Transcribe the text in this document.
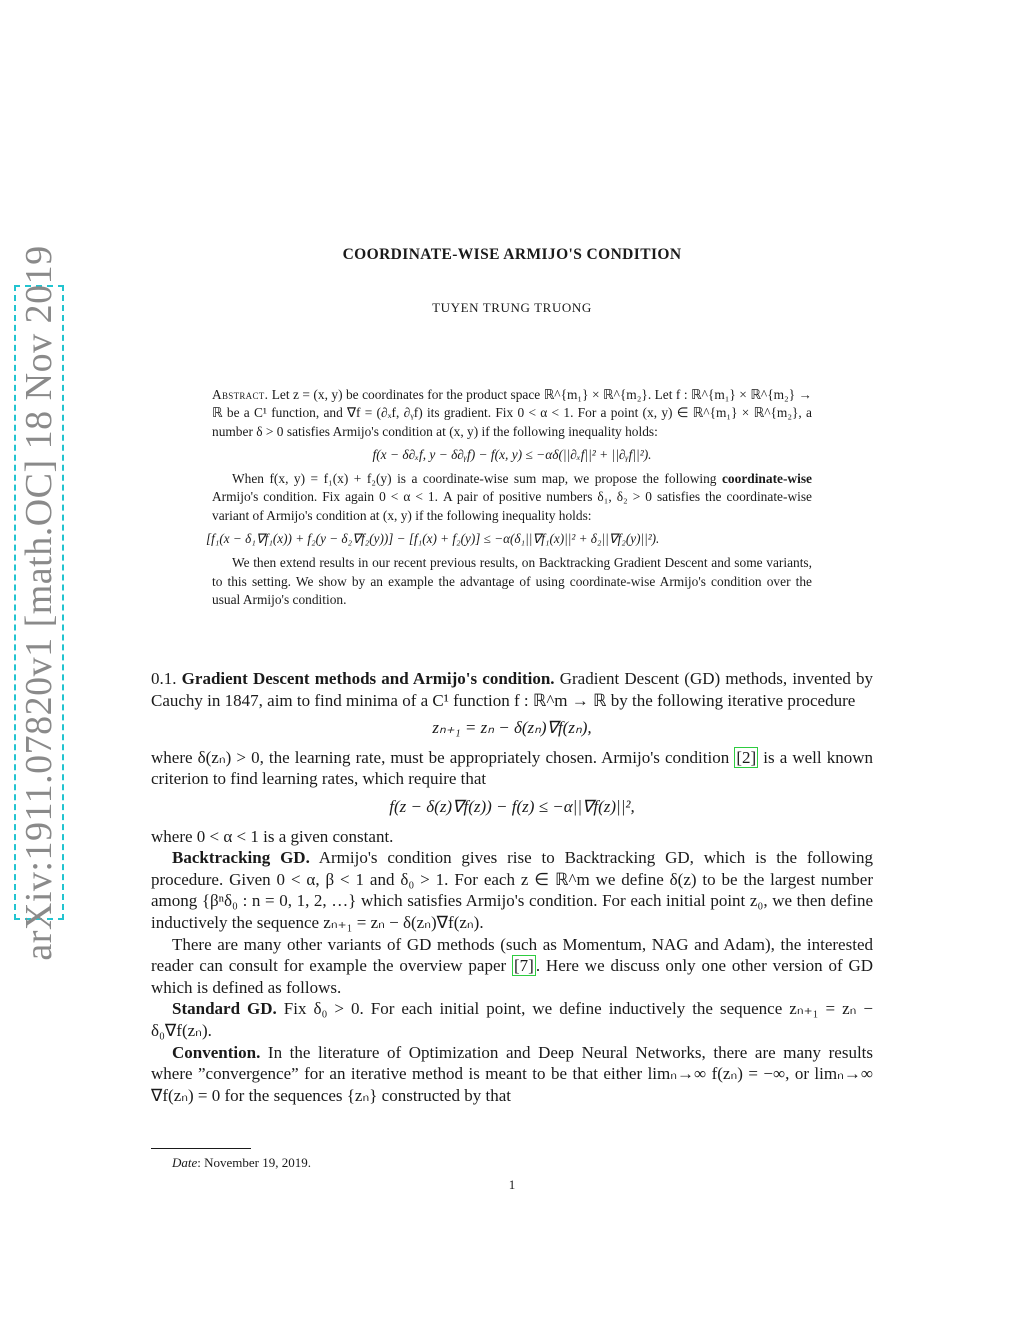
arXiv:1911.07820v1 [math.OC] 18 Nov 2019	COORDINATE-WISE ARMIJO'S CONDITION
TUYEN TRUNG TRUONG

Abstract. Let z = (x, y) be coordinates for the product space ℝ^{m₁} × ℝ^{m₂}. Let f : ℝ^{m₁} × ℝ^{m₂} → ℝ be a C¹ function, and ∇f = (∂ₓf, ∂ᵧf) its gradient. Fix 0 < α < 1. For a point (x, y) ∈ ℝ^{m₁} × ℝ^{m₂}, a number δ > 0 satisfies Armijo's condition at (x, y) if the following inequality holds:

f(x − δ∂ₓf, y − δ∂ᵧf) − f(x, y) ≤ −αδ(||∂ₓf||² + ||∂ᵧf||²).

When f(x, y) = f₁(x) + f₂(y) is a coordinate-wise sum map, we propose the following coordinate-wise Armijo's condition. Fix again 0 < α < 1. A pair of positive numbers δ₁, δ₂ > 0 satisfies the coordinate-wise variant of Armijo's condition at (x, y) if the following inequality holds:

[f₁(x − δ₁∇f₁(x)) + f₂(y − δ₂∇f₂(y))] − [f₁(x) + f₂(y)] ≤ −α(δ₁||∇f₁(x)||² + δ₂||∇f₂(y)||²).

We then extend results in our recent previous results, on Backtracking Gradient Descent and some variants, to this setting. We show by an example the advantage of using coordinate-wise Armijo's condition over the usual Armijo's condition.

0.1. Gradient Descent methods and Armijo's condition. Gradient Descent (GD) methods, invented by Cauchy in 1847, aim to find minima of a C¹ function f : ℝ^m → ℝ by the following iterative procedure

zₙ₊₁ = zₙ − δ(zₙ)∇f(zₙ),

where δ(zₙ) > 0, the learning rate, must be appropriately chosen. Armijo's condition [2] is a well known criterion to find learning rates, which require that

f(z − δ(z)∇f(z)) − f(z) ≤ −α||∇f(z)||²,

where 0 < α < 1 is a given constant.

Backtracking GD. Armijo's condition gives rise to Backtracking GD, which is the following procedure. Given 0 < α, β < 1 and δ₀ > 1. For each z ∈ ℝ^m we define δ(z) to be the largest number among {βⁿδ₀ : n = 0, 1, 2, …} which satisfies Armijo's condition. For each initial point z₀, we then define inductively the sequence zₙ₊₁ = zₙ − δ(zₙ)∇f(zₙ).

There are many other variants of GD methods (such as Momentum, NAG and Adam), the interested reader can consult for example the overview paper [7] . Here we discuss only one other version of GD which is defined as follows.

Standard GD. Fix δ₀ > 0. For each initial point, we define inductively the sequence zₙ₊₁ = zₙ − δ₀∇f(zₙ).

Convention. In the literature of Optimization and Deep Neural Networks, there are many results where ”convergence” for an iterative method is meant to be that either limₙ→∞ f(zₙ) = −∞, or limₙ→∞ ∇f(zₙ) = 0 for the sequences {zₙ} constructed by that

Date: November 19, 2019.
1
